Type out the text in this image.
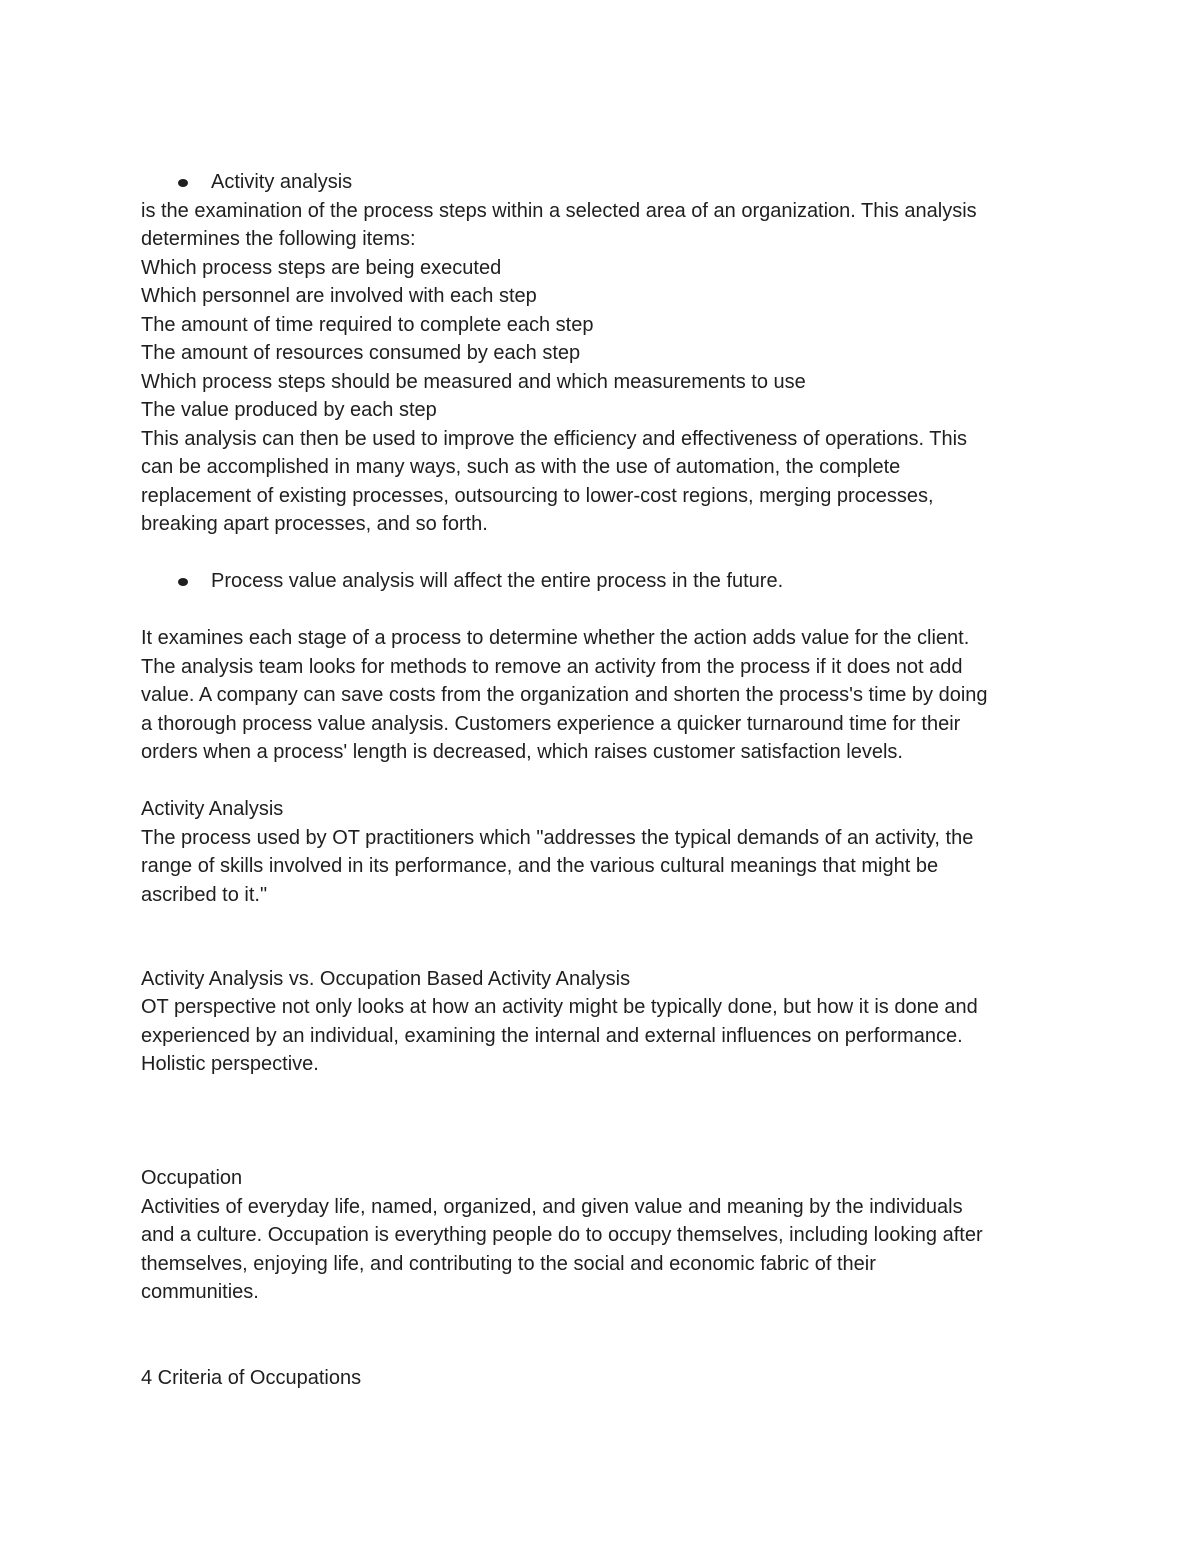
Activity analysis
is the examination of the process steps within a selected area of an organization. This analysis
determines the following items:
Which process steps are being executed
Which personnel are involved with each step
The amount of time required to complete each step
The amount of resources consumed by each step
Which process steps should be measured and which measurements to use
The value produced by each step
This analysis can then be used to improve the efficiency and effectiveness of operations. This
can be accomplished in many ways, such as with the use of automation, the complete
replacement of existing processes, outsourcing to lower-cost regions, merging processes,
breaking apart processes, and so forth.
Process value analysis will affect the entire process in the future.
It examines each stage of a process to determine whether the action adds value for the client.
The analysis team looks for methods to remove an activity from the process if it does not add
value. A company can save costs from the organization and shorten the process's time by doing
a thorough process value analysis. Customers experience a quicker turnaround time for their
orders when a process' length is decreased, which raises customer satisfaction levels.
Activity Analysis
The process used by OT practitioners which "addresses the typical demands of an activity, the
range of skills involved in its performance, and the various cultural meanings that might be
ascribed to it."
Activity Analysis vs. Occupation Based Activity Analysis
OT perspective not only looks at how an activity might be typically done, but how it is done and
experienced by an individual, examining the internal and external influences on performance.
Holistic perspective.
Occupation
Activities of everyday life, named, organized, and given value and meaning by the individuals
and a culture. Occupation is everything people do to occupy themselves, including looking after
themselves, enjoying life, and contributing to the social and economic fabric of their
communities.
4 Criteria of Occupations
